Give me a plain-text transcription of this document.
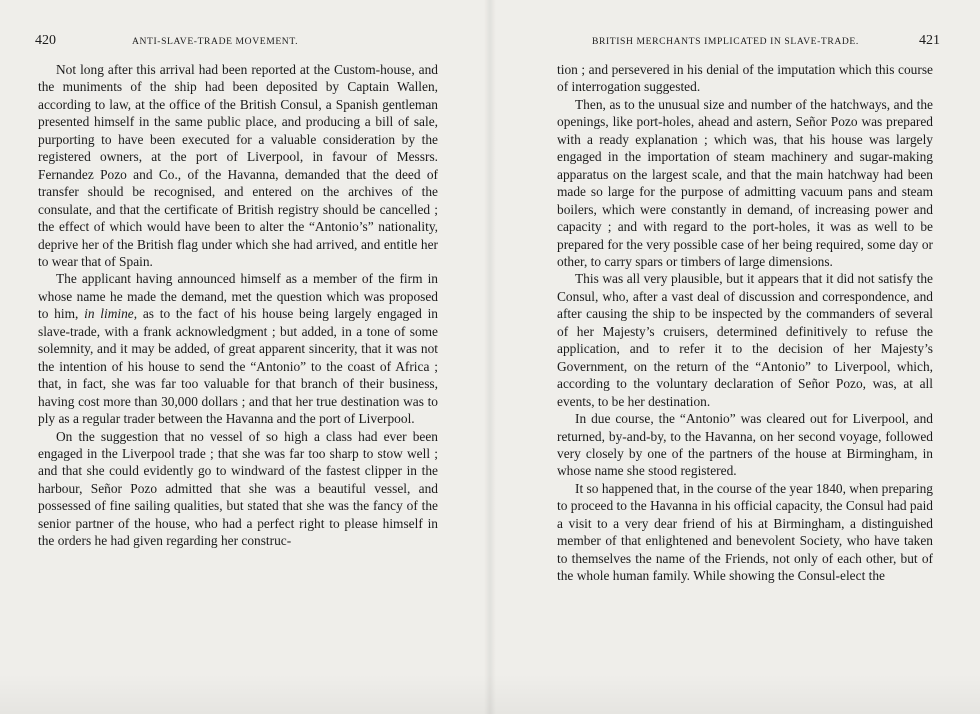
420	ANTI-SLAVE-TRADE MOVEMENT.

Not long after this arrival had been reported at the Custom-house, and the muniments of the ship had been deposited by Captain Wallen, according to law, at the office of the British Consul, a Spanish gentleman presented himself in the same public place, and producing a bill of sale, purporting to have been executed for a valuable consideration by the registered owners, at the port of Liverpool, in favour of Messrs. Fernandez Pozo and Co., of the Havanna, demanded that the deed of transfer should be recognised, and entered on the archives of the consulate, and that the certificate of British registry should be cancelled ; the effect of which would have been to alter the “Antonio’s” nationality, deprive her of the British flag under which she had arrived, and entitle her to wear that of Spain.

The applicant having announced himself as a member of the firm in whose name he made the demand, met the question which was proposed to him, in limine, as to the fact of his house being largely engaged in slave-trade, with a frank acknowledgment ; but added, in a tone of some solemnity, and it may be added, of great apparent sincerity, that it was not the intention of his house to send the “Antonio” to the coast of Africa ; that, in fact, she was far too valuable for that branch of their business, having cost more than 30,000 dollars ; and that her true destination was to ply as a regular trader between the Havanna and the port of Liverpool.

On the suggestion that no vessel of so high a class had ever been engaged in the Liverpool trade ; that she was far too sharp to stow well ; and that she could evidently go to windward of the fastest clipper in the harbour, Señor Pozo admitted that she was a beautiful vessel, and possessed of fine sailing qualities, but stated that she was the fancy of the senior partner of the house, who had a perfect right to please himself in the orders he had given regarding her construc-

BRITISH MERCHANTS IMPLICATED IN SLAVE-TRADE.	421

tion ; and persevered in his denial of the imputation which this course of interrogation suggested.

Then, as to the unusual size and number of the hatchways, and the openings, like port-holes, ahead and astern, Señor Pozo was prepared with a ready explanation ; which was, that his house was largely engaged in the importation of steam machinery and sugar-making apparatus on the largest scale, and that the main hatchway had been made so large for the purpose of admitting vacuum pans and steam boilers, which were constantly in demand, of increasing power and capacity ; and with regard to the port-holes, it was as well to be prepared for the very possible case of her being required, some day or other, to carry spars or timbers of large dimensions.

This was all very plausible, but it appears that it did not satisfy the Consul, who, after a vast deal of discussion and correspondence, and after causing the ship to be inspected by the commanders of several of her Majesty’s cruisers, determined definitively to refuse the application, and to refer it to the decision of her Majesty’s Government, on the return of the “Antonio” to Liverpool, which, according to the voluntary declaration of Señor Pozo, was, at all events, to be her destination.

In due course, the “Antonio” was cleared out for Liverpool, and returned, by-and-by, to the Havanna, on her second voyage, followed very closely by one of the partners of the house at Birmingham, in whose name she stood registered.

It so happened that, in the course of the year 1840, when preparing to proceed to the Havanna in his official capacity, the Consul had paid a visit to a very dear friend of his at Birmingham, a distinguished member of that enlightened and benevolent Society, who have taken to themselves the name of the Friends, not only of each other, but of the whole human family. While showing the Consul-elect the
